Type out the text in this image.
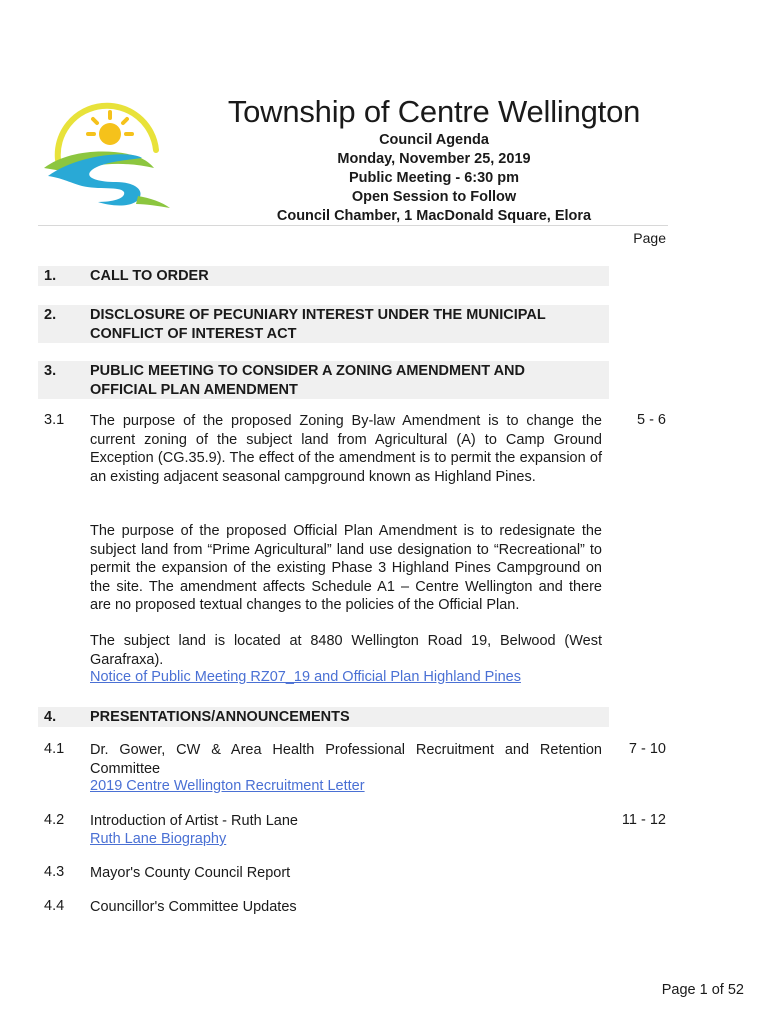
Township of Centre Wellington
Council Agenda
Monday, November 25, 2019
Public Meeting - 6:30 pm
Open Session to Follow
Council Chamber, 1 MacDonald Square, Elora
Page
1. CALL TO ORDER
2. DISCLOSURE OF PECUNIARY INTEREST UNDER THE MUNICIPAL CONFLICT OF INTEREST ACT
3. PUBLIC MEETING TO CONSIDER A ZONING AMENDMENT AND OFFICIAL PLAN AMENDMENT
3.1 The purpose of the proposed Zoning By-law Amendment is to change the current zoning of the subject land from Agricultural (A) to Camp Ground Exception (CG.35.9). The effect of the amendment is to permit the expansion of an existing adjacent seasonal campground known as Highland Pines.
5 - 6
The purpose of the proposed Official Plan Amendment is to redesignate the subject land from “Prime Agricultural” land use designation to “Recreational” to permit the expansion of the existing Phase 3 Highland Pines Campground on the site. The amendment affects Schedule A1 – Centre Wellington and there are no proposed textual changes to the policies of the Official Plan.
The subject land is located at 8480 Wellington Road 19, Belwood (West Garafraxa).
Notice of Public Meeting RZ07_19 and Official Plan Highland Pines
4. PRESENTATIONS/ANNOUNCEMENTS
4.1 Dr. Gower, CW & Area Health Professional Recruitment and Retention Committee
2019 Centre Wellington Recruitment Letter
7 - 10
4.2 Introduction of Artist - Ruth Lane
Ruth Lane Biography
11 - 12
4.3 Mayor's County Council Report
4.4 Councillor's Committee Updates
Page 1 of 52
